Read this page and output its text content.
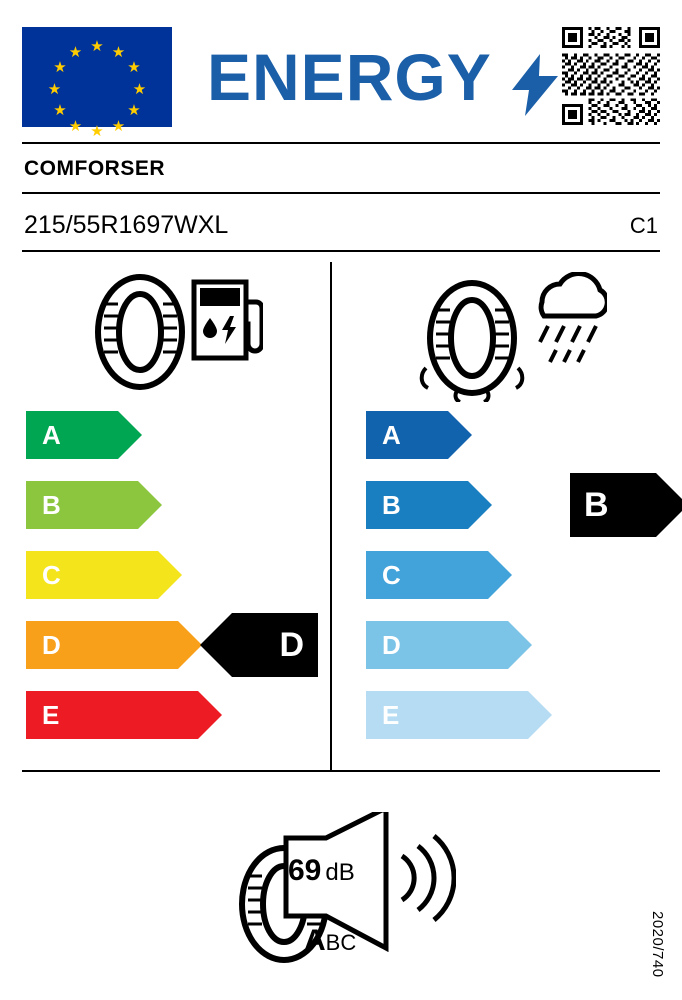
★ ★
★
★
★
★
★
★
★
★
★
★ ENERGY
COMFORSER
215/55R1697WXL	C1
A
B
C
D
E
D
A
B
C
D
E
B
69 dB
ABC	2020/740
